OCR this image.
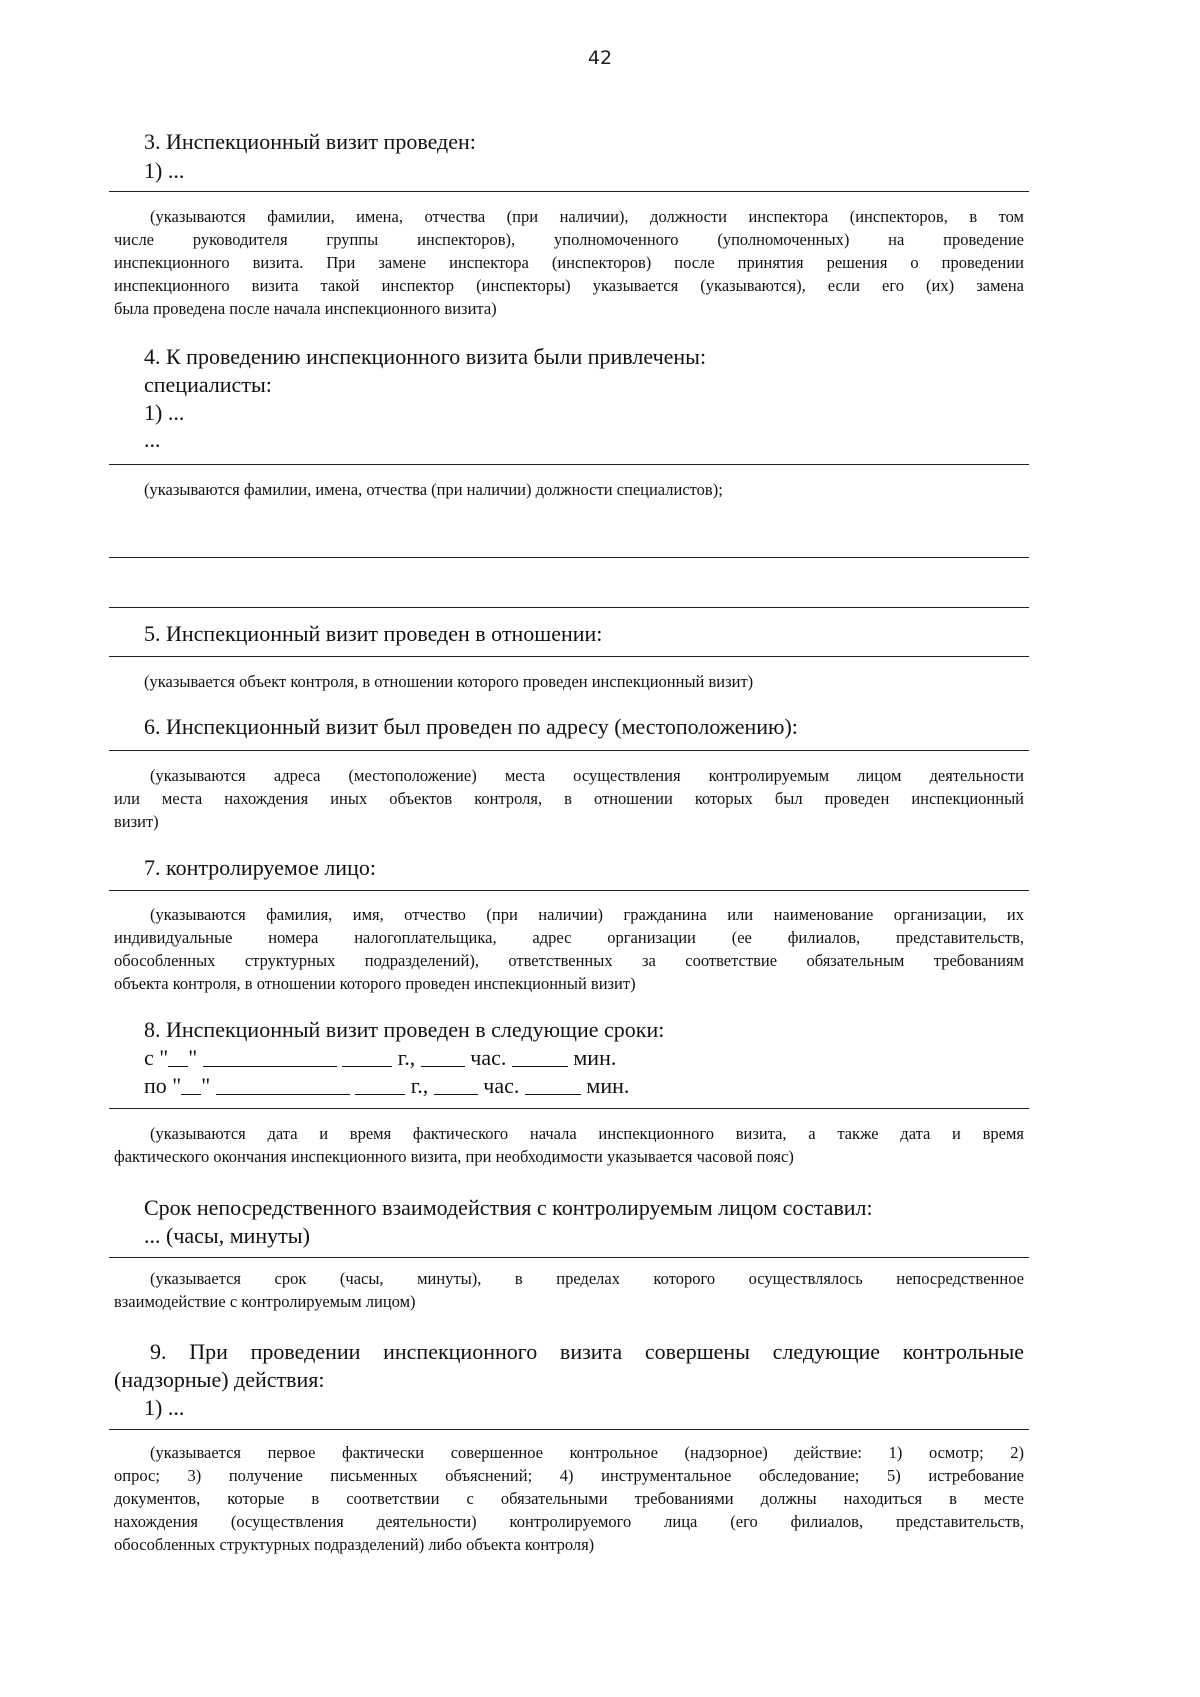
42
3. Инспекционный визит проведен:
1) ...
(указываются фамилии, имена, отчества (при наличии), должности инспектора (инспекторов, в том
числе руководителя группы инспекторов), уполномоченного (уполномоченных) на проведение
инспекционного визита. При замене инспектора (инспекторов) после принятия решения о проведении
инспекционного визита такой инспектор (инспекторы) указывается (указываются), если его (их) замена
была проведена после начала инспекционного визита)
4. К проведению инспекционного визита были привлечены:
специалисты:
1) ...
...
(указываются фамилии, имена, отчества (при наличии) должности специалистов);
5. Инспекционный визит проведен в отношении:
(указывается объект контроля, в отношении которого проведен инспекционный визит)
6. Инспекционный визит был проведен по адресу (местоположению):
(указываются адреса (местоположение) места осуществления контролируемым лицом деятельности
или места нахождения иных объектов контроля, в отношении которых был проведен инспекционный
визит)
7. контролируемое лицо:
(указываются фамилия, имя, отчество (при наличии) гражданина или наименование организации, их
индивидуальные номера налогоплательщика, адрес организации (ее филиалов, представительств,
обособленных структурных подразделений), ответственных за соответствие обязательным требованиям
объекта контроля, в отношении которого проведен инспекционный визит)
8. Инспекционный визит проведен в следующие сроки:
с " "	г.,	час.	мин.
по " "	г.,	час.	мин.
(указываются дата и время фактического начала инспекционного визита, а также дата и время
фактического окончания инспекционного визита, при необходимости указывается часовой пояс)
Срок непосредственного взаимодействия с контролируемым лицом составил:
... (часы, минуты)
(указывается срок (часы, минуты), в пределах которого осуществлялось непосредственное
взаимодействие с контролируемым лицом)
9. При проведении инспекционного визита совершены следующие контрольные
(надзорные) действия:
1) ...
(указывается первое фактически совершенное контрольное (надзорное) действие: 1) осмотр; 2)
опрос; 3) получение письменных объяснений; 4) инструментальное обследование; 5) истребование
документов, которые в соответствии с обязательными требованиями должны находиться в месте
нахождения (осуществления деятельности) контролируемого лица (его филиалов, представительств,
обособленных структурных подразделений) либо объекта контроля)
